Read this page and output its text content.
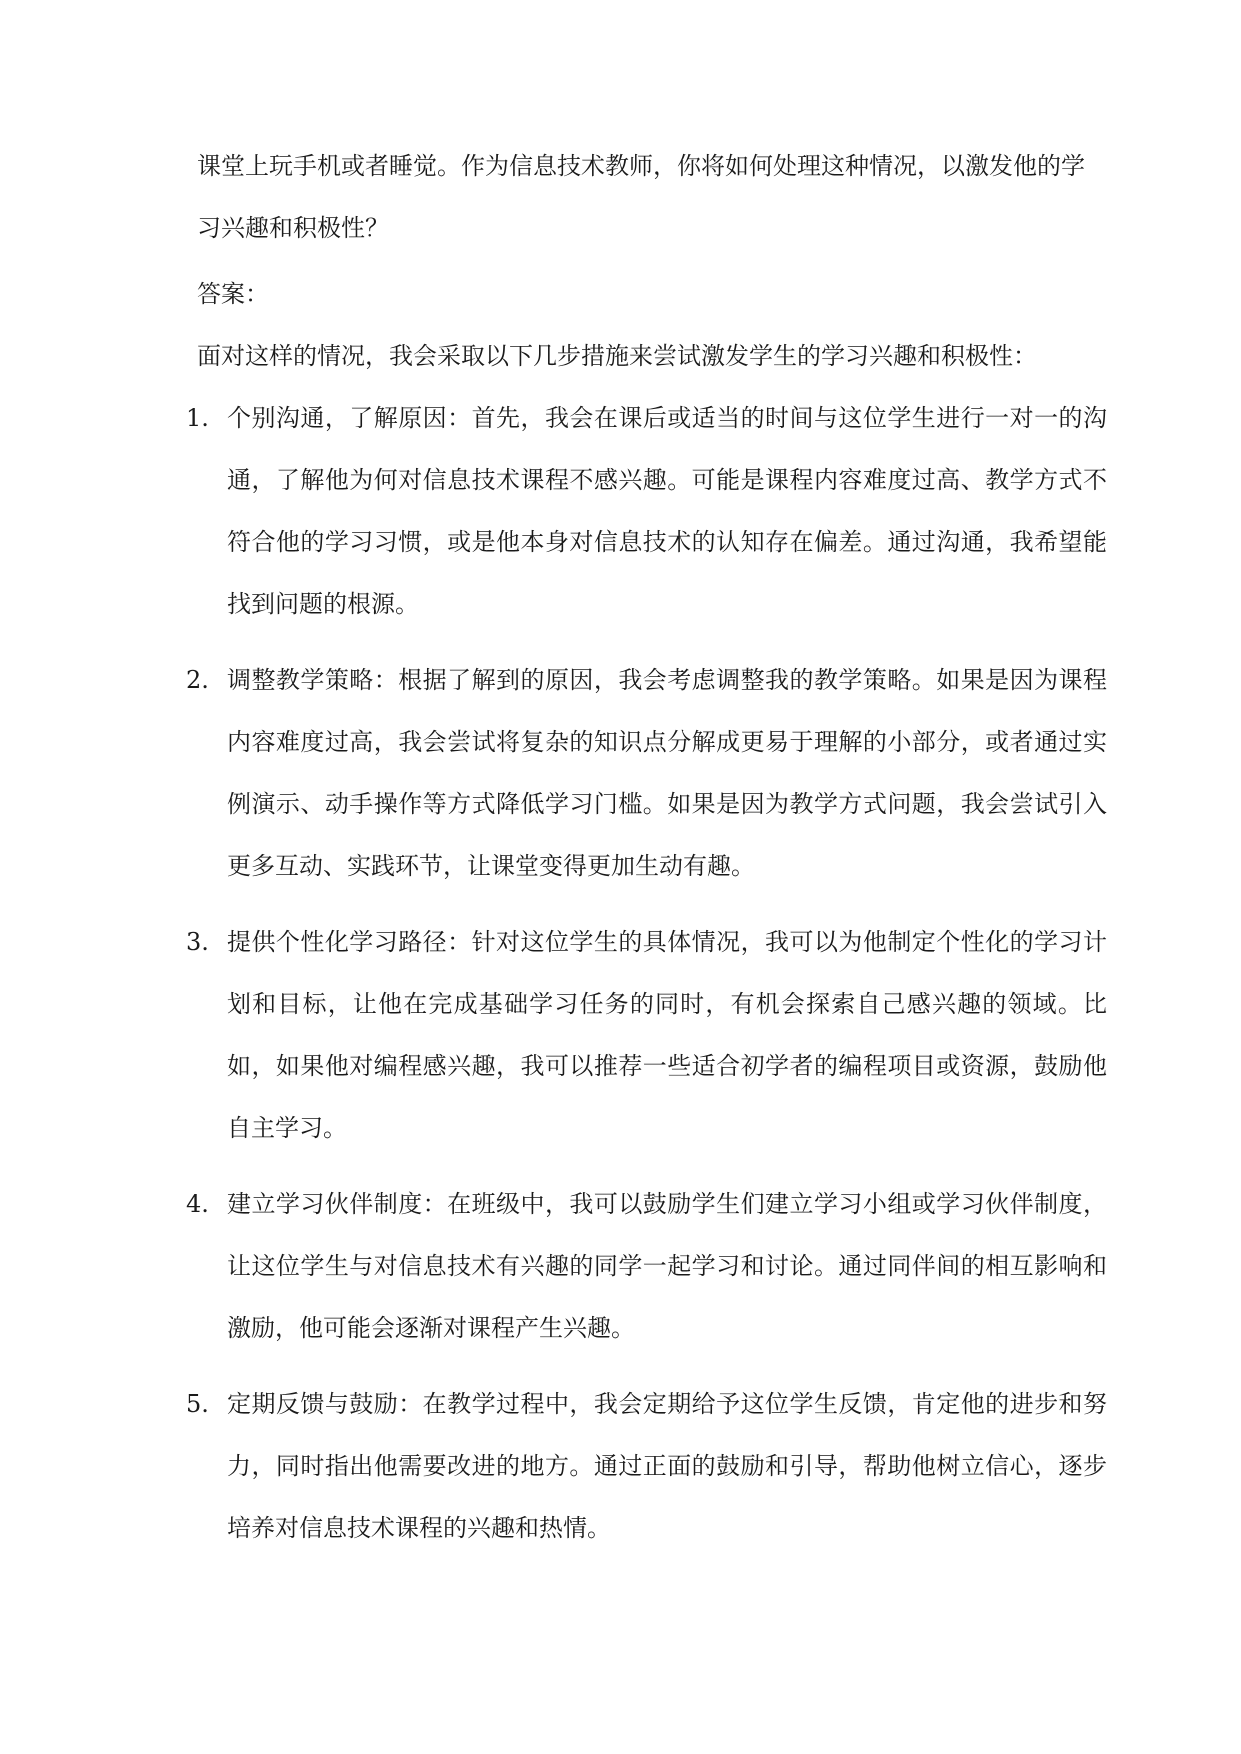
课堂上玩手机或者睡觉。作为信息技术教师，你将如何处理这种情况，以激发他的学习兴趣和积极性？

答案：

面对这样的情况，我会采取以下几步措施来尝试激发学生的学习兴趣和积极性：

1. 个别沟通，了解原因：首先，我会在课后或适当的时间与这位学生进行一对一的沟通，了解他为何对信息技术课程不感兴趣。可能是课程内容难度过高、教学方式不符合他的学习习惯，或是他本身对信息技术的认知存在偏差。通过沟通，我希望能找到问题的根源。

2. 调整教学策略：根据了解到的原因，我会考虑调整我的教学策略。如果是因为课程内容难度过高，我会尝试将复杂的知识点分解成更易于理解的小部分，或者通过实例演示、动手操作等方式降低学习门槛。如果是因为教学方式问题，我会尝试引入更多互动、实践环节，让课堂变得更加生动有趣。

3. 提供个性化学习路径：针对这位学生的具体情况，我可以为他制定个性化的学习计划和目标，让他在完成基础学习任务的同时，有机会探索自己感兴趣的领域。比如，如果他对编程感兴趣，我可以推荐一些适合初学者的编程项目或资源，鼓励他自主学习。

4. 建立学习伙伴制度：在班级中，我可以鼓励学生们建立学习小组或学习伙伴制度，让这位学生与对信息技术有兴趣的同学一起学习和讨论。通过同伴间的相互影响和激励，他可能会逐渐对课程产生兴趣。

5. 定期反馈与鼓励：在教学过程中，我会定期给予这位学生反馈，肯定他的进步和努力，同时指出他需要改进的地方。通过正面的鼓励和引导，帮助他树立信心，逐步培养对信息技术课程的兴趣和热情。
